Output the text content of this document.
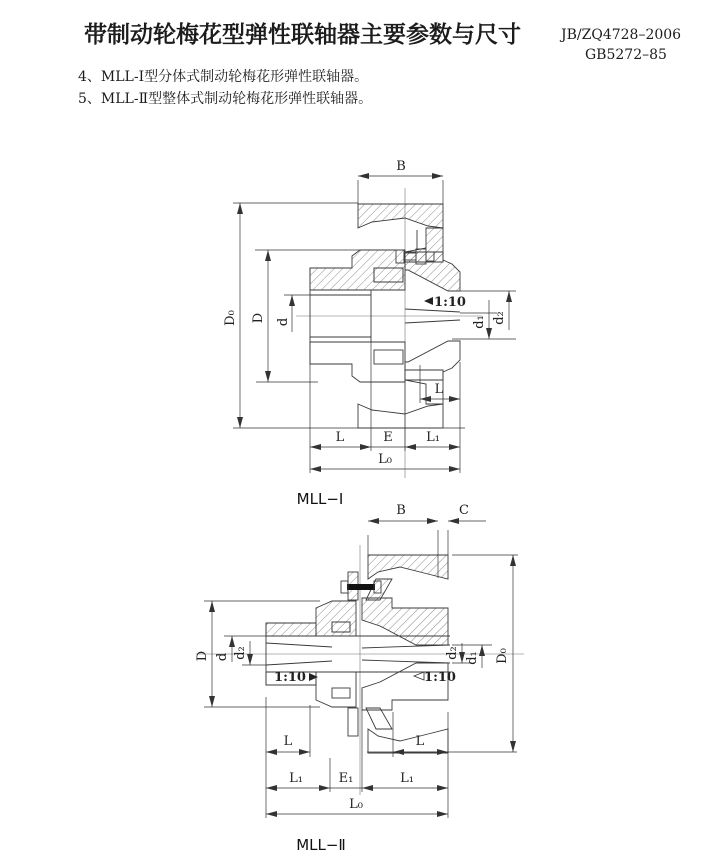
带制动轮梅花型弹性联轴器主要参数与尺寸	JB/ZQ4728–2006
GB5272–85
4、MLL-Ⅰ型分体式制动轮梅花形弹性联轴器。
5、MLL-Ⅱ型整体式制动轮梅花形弹性联轴器。
B
D₀ D d
1:10
d₁ d₂
L
L	E	L₁
L₀
MLL−Ⅰ
1:10	1:10
B	C
D d d₂	d₂ d₁ D₀
L	L
L₁	E₁	L₁
L₀
MLL−Ⅱ
